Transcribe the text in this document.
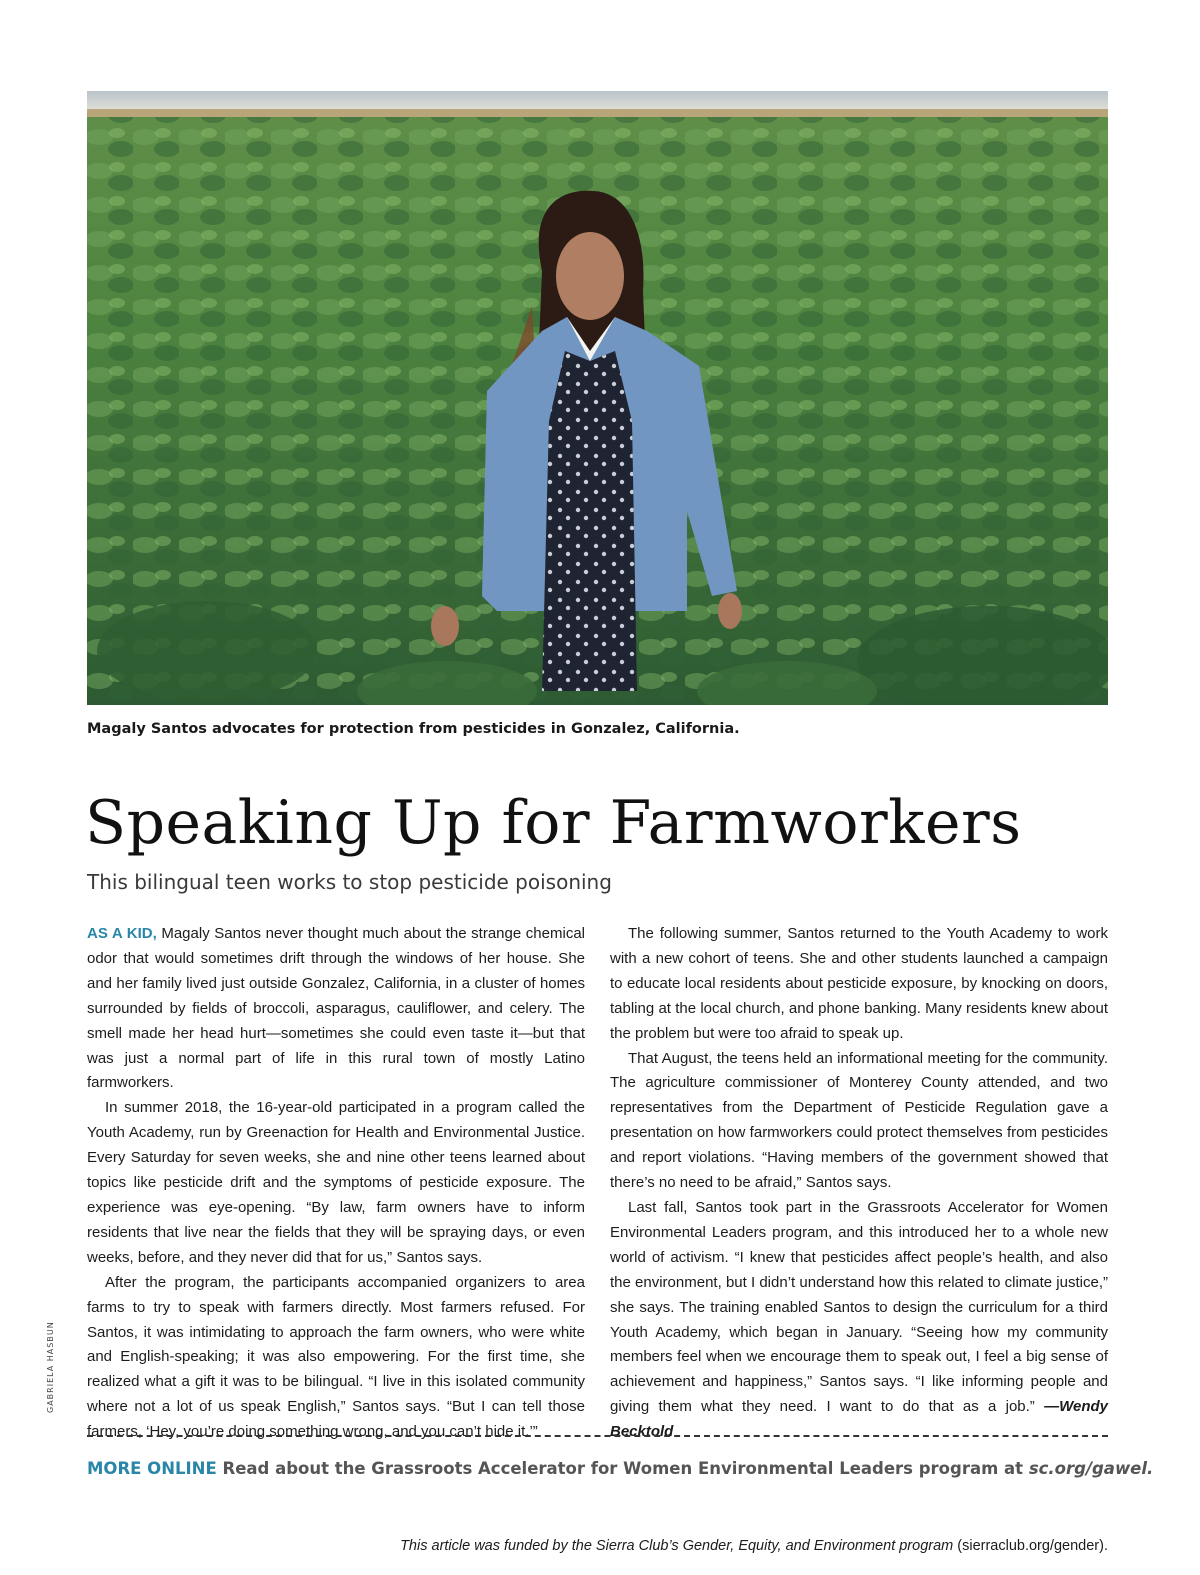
Magaly Santos advocates for protection from pesticides in Gonzalez, California.
Speaking Up for Farmworkers
This bilingual teen works to stop pesticide poisoning

AS A KID, Magaly Santos never thought much about the strange chemical odor that would sometimes drift through the windows of her house. She and her family lived just outside Gonzalez, California, in a cluster of homes surrounded by fields of broccoli, asparagus, cauliflower, and celery. The smell made her head hurt—sometimes she could even taste it—but that was just a normal part of life in this rural town of mostly Latino farmworkers.

In summer 2018, the 16-year-old participated in a program called the Youth Academy, run by Greenaction for Health and Environmental Justice. Every Saturday for seven weeks, she and nine other teens learned about topics like pesticide drift and the symptoms of pesticide exposure. The experience was eye-opening. “By law, farm owners have to inform residents that live near the fields that they will be spraying days, or even weeks, before, and they never did that for us,” Santos says.

After the program, the participants accompanied organizers to area farms to try to speak with farmers directly. Most farmers refused. For Santos, it was intimidating to approach the farm owners, who were white and English-speaking; it was also empowering. For the first time, she realized what a gift it was to be bilingual. “I live in this isolated community where not a lot of us speak English,” Santos says. “But I can tell those farmers, ‘Hey, you’re doing something wrong, and you can’t hide it.’”

The following summer, Santos returned to the Youth Academy to work with a new cohort of teens. She and other students launched a campaign to educate local residents about pesticide exposure, by knocking on doors, tabling at the local church, and phone banking. Many residents knew about the problem but were too afraid to speak up.

That August, the teens held an informational meeting for the community. The agriculture commissioner of Monterey County attended, and two representatives from the Department of Pesticide Regulation gave a presentation on how farmworkers could protect themselves from pesticides and report violations. “Having members of the government showed that there’s no need to be afraid,” Santos says.

Last fall, Santos took part in the Grassroots Accelerator for Women Environmental Leaders program, and this introduced her to a whole new world of activism. “I knew that pesticides affect people’s health, and also the environment, but I didn’t understand how this related to climate justice,” she says. The training enabled Santos to design the curriculum for a third Youth Academy, which began in January. “Seeing how my community members feel when we encourage them to speak out, I feel a big sense of achievement and happiness,” Santos says. “I like informing people and giving them what they need. I want to do that as a job.” —Wendy Becktold

GABRIELA HASBUN
MORE ONLINE Read about the Grassroots Accelerator for Women Environmental Leaders program at sc.org/gawel.
This article was funded by the Sierra Club’s Gender, Equity, and Environment program (sierraclub.org/gender).
